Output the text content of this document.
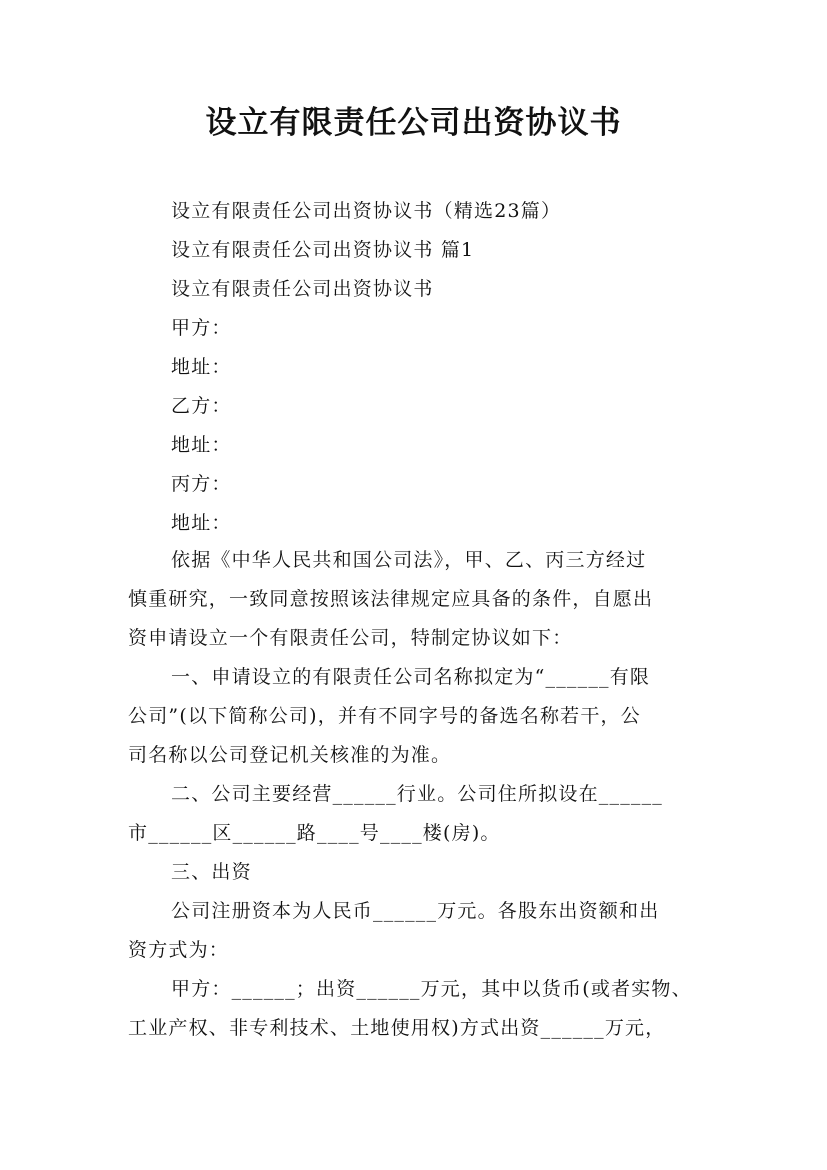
设立有限责任公司出资协议书
设立有限责任公司出资协议书（精选23篇）
设立有限责任公司出资协议书 篇1
设立有限责任公司出资协议书
甲方：
地址：
乙方：
地址：
丙方：
地址：
依据《中华人民共和国公司法》，甲、乙、丙三方经过
慎重研究，一致同意按照该法律规定应具备的条件，自愿出
资申请设立一个有限责任公司，特制定协议如下：
一、申请设立的有限责任公司名称拟定为“______有限
公司”(以下简称公司)，并有不同字号的备选名称若干，公
司名称以公司登记机关核准的为准。
二、公司主要经营______行业。公司住所拟设在______
市______区______路____号____楼(房)。
三、出资
公司注册资本为人民币______万元。各股东出资额和出
资方式为：
甲方：______；出资______万元，其中以货币(或者实物、
工业产权、非专利技术、土地使用权)方式出资______万元，
